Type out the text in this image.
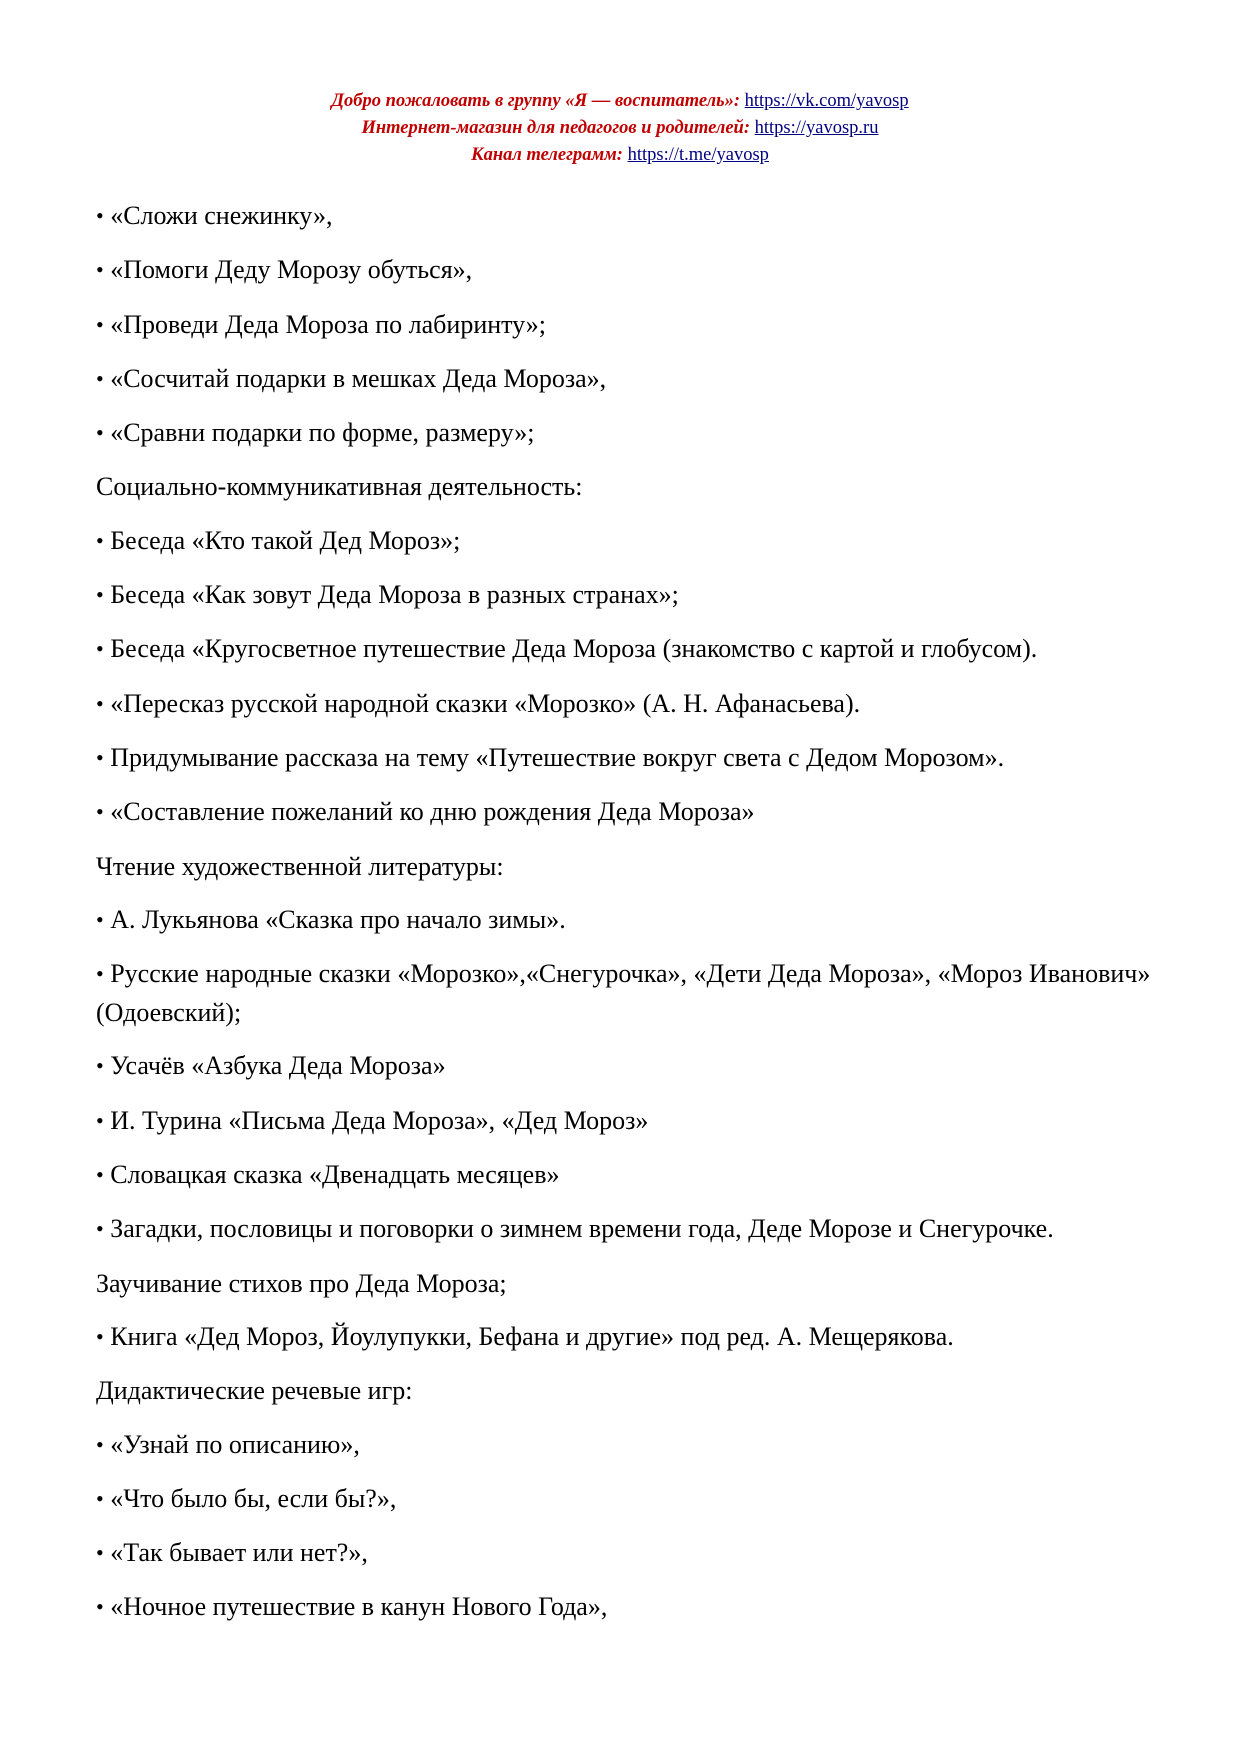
Добро пожаловать в группу «Я — воспитатель»: https://vk.com/yavosp
Интернет-магазин для педагогов и родителей: https://yavosp.ru
Канал телеграмм: https://t.me/yavosp

• «Сложи снежинку»,

• «Помоги Деду Морозу обуться»,

• «Проведи Деда Мороза по лабиринту»;

• «Сосчитай подарки в мешках Деда Мороза»,

• «Сравни подарки по форме, размеру»;

Социально-коммуникативная деятельность:

• Беседа «Кто такой Дед Мороз»;

• Беседа «Как зовут Деда Мороза в разных странах»;

• Беседа «Кругосветное путешествие Деда Мороза (знакомство с картой и глобусом).

• «Пересказ русской народной сказки «Морозко» (А. Н. Афанасьева).

• Придумывание рассказа на тему «Путешествие вокруг света с Дедом Морозом».

• «Составление пожеланий ко дню рождения Деда Мороза»

Чтение художественной литературы:

• А. Лукьянова «Сказка про начало зимы».

• Русские народные сказки «Морозко»,«Снегурочка», «Дети Деда Мороза», «Мороз Иванович» (Одоевский);

• Усачёв «Азбука Деда Мороза»

• И. Турина «Письма Деда Мороза», «Дед Мороз»

• Словацкая сказка «Двенадцать месяцев»

• Загадки, пословицы и поговорки о зимнем времени года, Деде Морозе и Снегурочке.

Заучивание стихов про Деда Мороза;

• Книга «Дед Мороз, Йоулупукки, Бефана и другие» под ред. А. Мещерякова.

Дидактические речевые игр:

• «Узнай по описанию»,

• «Что было бы, если бы?»,

• «Так бывает или нет?»,

• «Ночное путешествие в канун Нового Года»,
